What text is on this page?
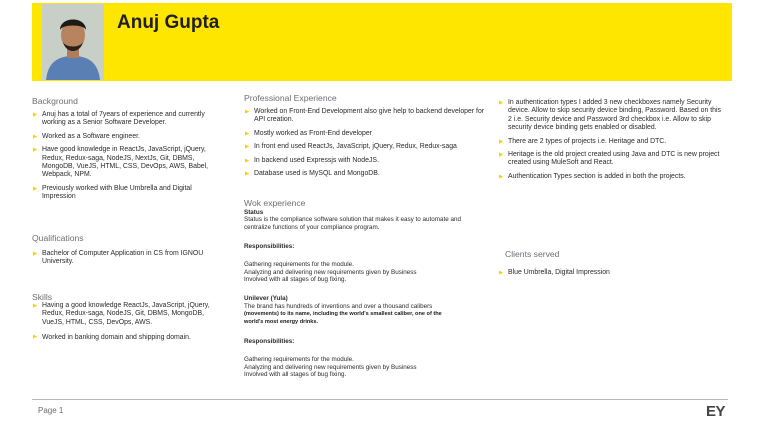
Anuj Gupta
Background
▶ Anuj has a total of 7years of experience and currently working as a Senior Software Developer.
▶ Worked as a Software engineer.
▶ Have good knowledge in ReactJs, JavaScript, jQuery, Redux, Redux-saga, NodeJS, NextJs, Git, DBMS, MongoDB, VueJS, HTML, CSS, DevOps, AWS, Babel, Webpack, NPM.
▶ Previously worked with Blue Umbrella and Digital Impression
Qualifications
▶ Bachelor of Computer Application in CS from IGNOU University.
Skills
▶ Having a good knowledge ReactJs, JavaScript, jQuery, Redux, Redux-saga, NodeJS, Git, DBMS, MongoDB, VueJS, HTML, CSS, DevOps, AWS.
▶ Worked in banking domain and shipping domain.
Professional Experience
▶ Worked on Front-End Development also give help to backend developer for API creation.
▶ Mostly worked as Front-End developer
▶ In front end used ReactJs, JavaScript, jQuery, Redux, Redux-saga
▶ In backend used Expressjs with NodeJS.
▶ Database used is MySQL and MongoDB.
Wok experience
Status
Status is the compliance software solution that makes it easy to automate and centralize functions of your compliance program.
Responsibilities:
Gathering requirements for the module.
Analyzing and delivering new requirements given by Business
Involved with all stages of bug fixing.
Unilever (Yula)
The brand has hundreds of inventions and over a thousand calibers
(movements) to its name, including the world's smallest caliber, one of the
world's most energy drinks.
Responsibilities:
Gathering requirements for the module.
Analyzing and delivering new requirements given by Business
Involved with all stages of bug fixing.
▶ In authentication types I added 3 new checkboxes namely Security device. Allow to skip security device binding, Password. Based on this 2 i.e. Security device and Password 3rd checkbox i.e. Allow to skip security device binding gets enabled or disabled.
▶ There are 2 types of projects i.e. Heritage and DTC.
▶ Heritage is the old project created using Java and DTC is new project created using MuleSoft and React.
▶ Authentication Types section is added in both the projects.
Clients served
▶ Blue Umbrella, Digital Impression
Page 1	EY
